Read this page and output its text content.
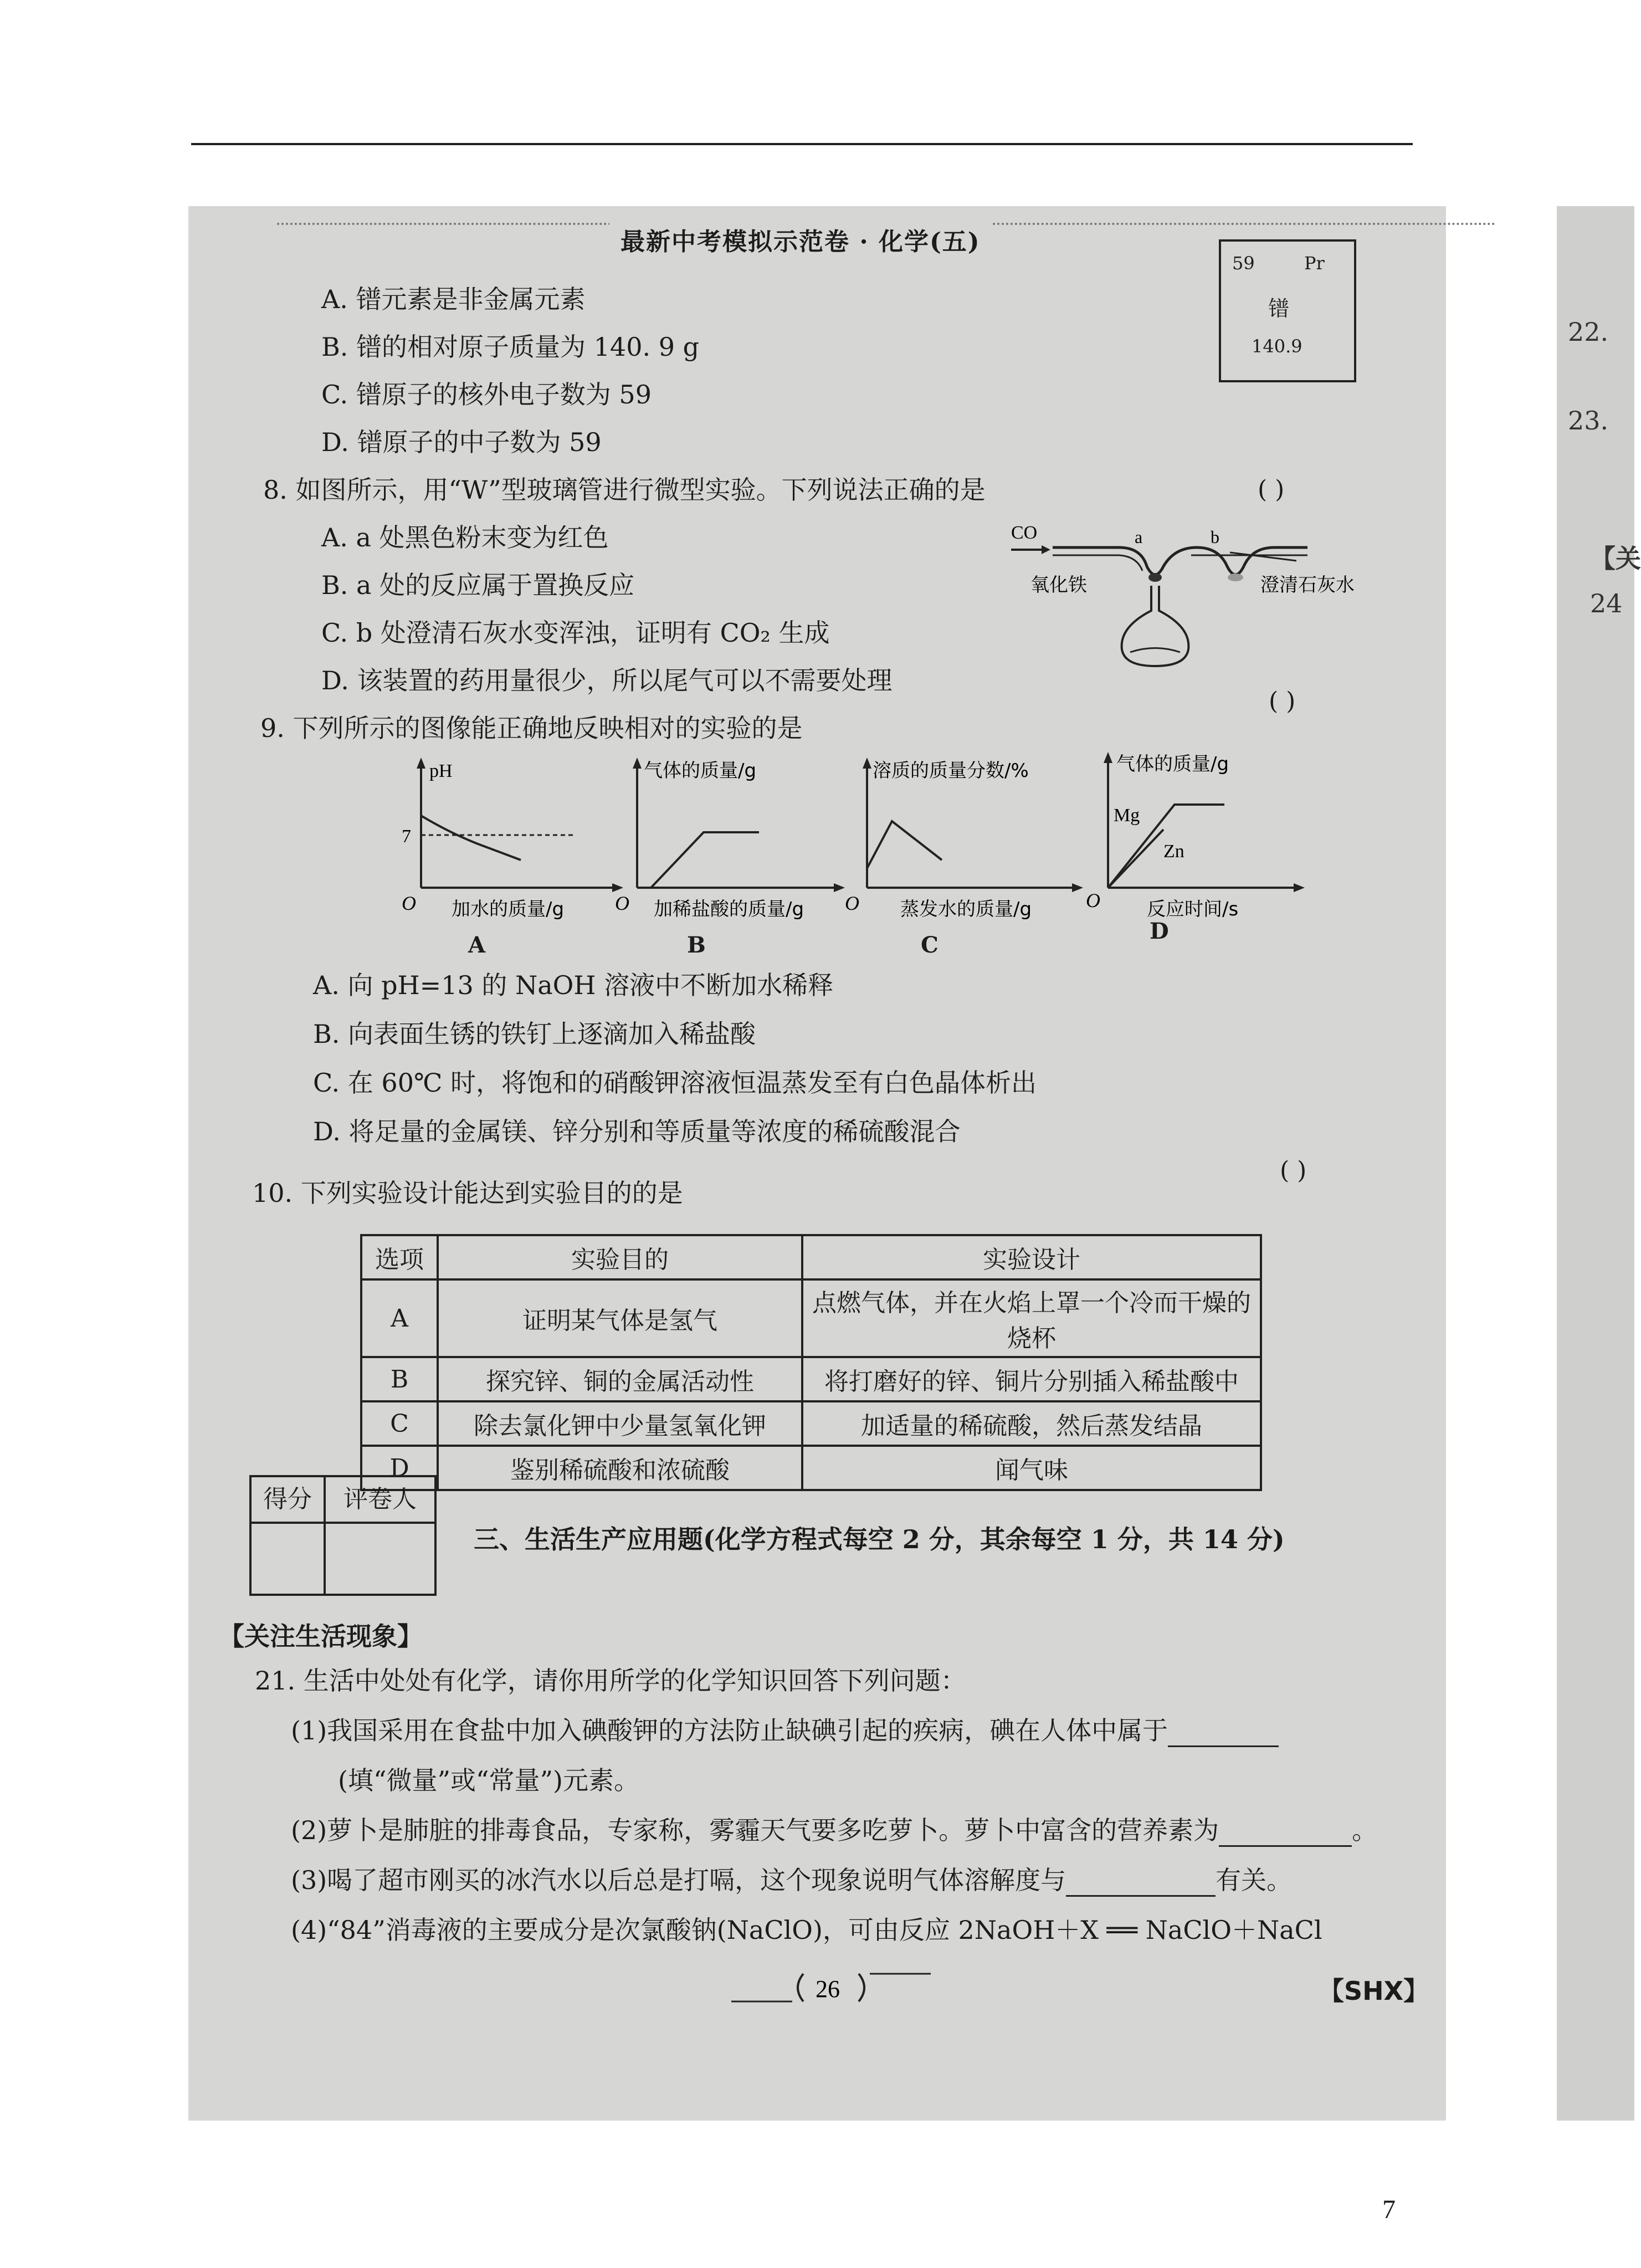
最新中考模拟示范卷 · 化学(五)
22.
23.
【关
24
59	Pr
镨
140.9
A. 镨元素是非金属元素
B. 镨的相对原子质量为 140. 9 g
C. 镨原子的核外电子数为 59
D. 镨原子的中子数为 59
8. 如图所示，用“W”型玻璃管进行微型实验。下列说法正确的是	( )
A. a 处黑色粉末变为红色
B. a 处的反应属于置换反应
C. b 处澄清石灰水变浑浊，证明有 CO₂ 生成
D. 该装置的药用量很少，所以尾气可以不需要处理
CO	a	b
氧化铁	澄清石灰水
9. 下列所示的图像能正确地反映相对的实验的是
( )
pH
7
O 加水的质量/g
A
气体的质量/g
O 加稀盐酸的质量/g
B
溶质的质量分数/%
O 蒸发水的质量/g
C
气体的质量/g
Mg
Zn
O 反应时间/s
D
A. 向 pH=13 的 NaOH 溶液中不断加水稀释
B. 向表面生锈的铁钉上逐滴加入稀盐酸
C. 在 60℃ 时，将饱和的硝酸钾溶液恒温蒸发至有白色晶体析出
D. 将足量的金属镁、锌分别和等质量等浓度的稀硫酸混合
10. 下列实验设计能达到实验目的的是
( )
选项	实验目的	实验设计
A	证明某气体是氢气	点燃气体，并在火焰上罩一个冷而干燥的烧杯
B	探究锌、铜的金属活动性	将打磨好的锌、铜片分别插入稀盐酸中
C	除去氯化钾中少量氢氧化钾	加适量的稀硫酸，然后蒸发结晶
D	鉴别稀硫酸和浓硫酸	闻气味
得分	评卷人
三、生活生产应用题(化学方程式每空 2 分，其余每空 1 分，共 14 分)
【关注生活现象】
21. 生活中处处有化学，请你用所学的化学知识回答下列问题：
(1)我国采用在食盐中加入碘酸钾的方法防止缺碘引起的疾病，碘在人体中属于
(填“微量”或“常量”)元素。
(2)萝卜是肺脏的排毒食品，专家称，雾霾天气要多吃萝卜。萝卜中富含的营养素为	。
(3)喝了超市刚买的冰汽水以后总是打嗝，这个现象说明气体溶解度与	有关。
(4)“84”消毒液的主要成分是次氯酸钠(NaClO)，可由反应 2NaOH＋X ══ NaClO＋NaCl
26	【SHX】
7
